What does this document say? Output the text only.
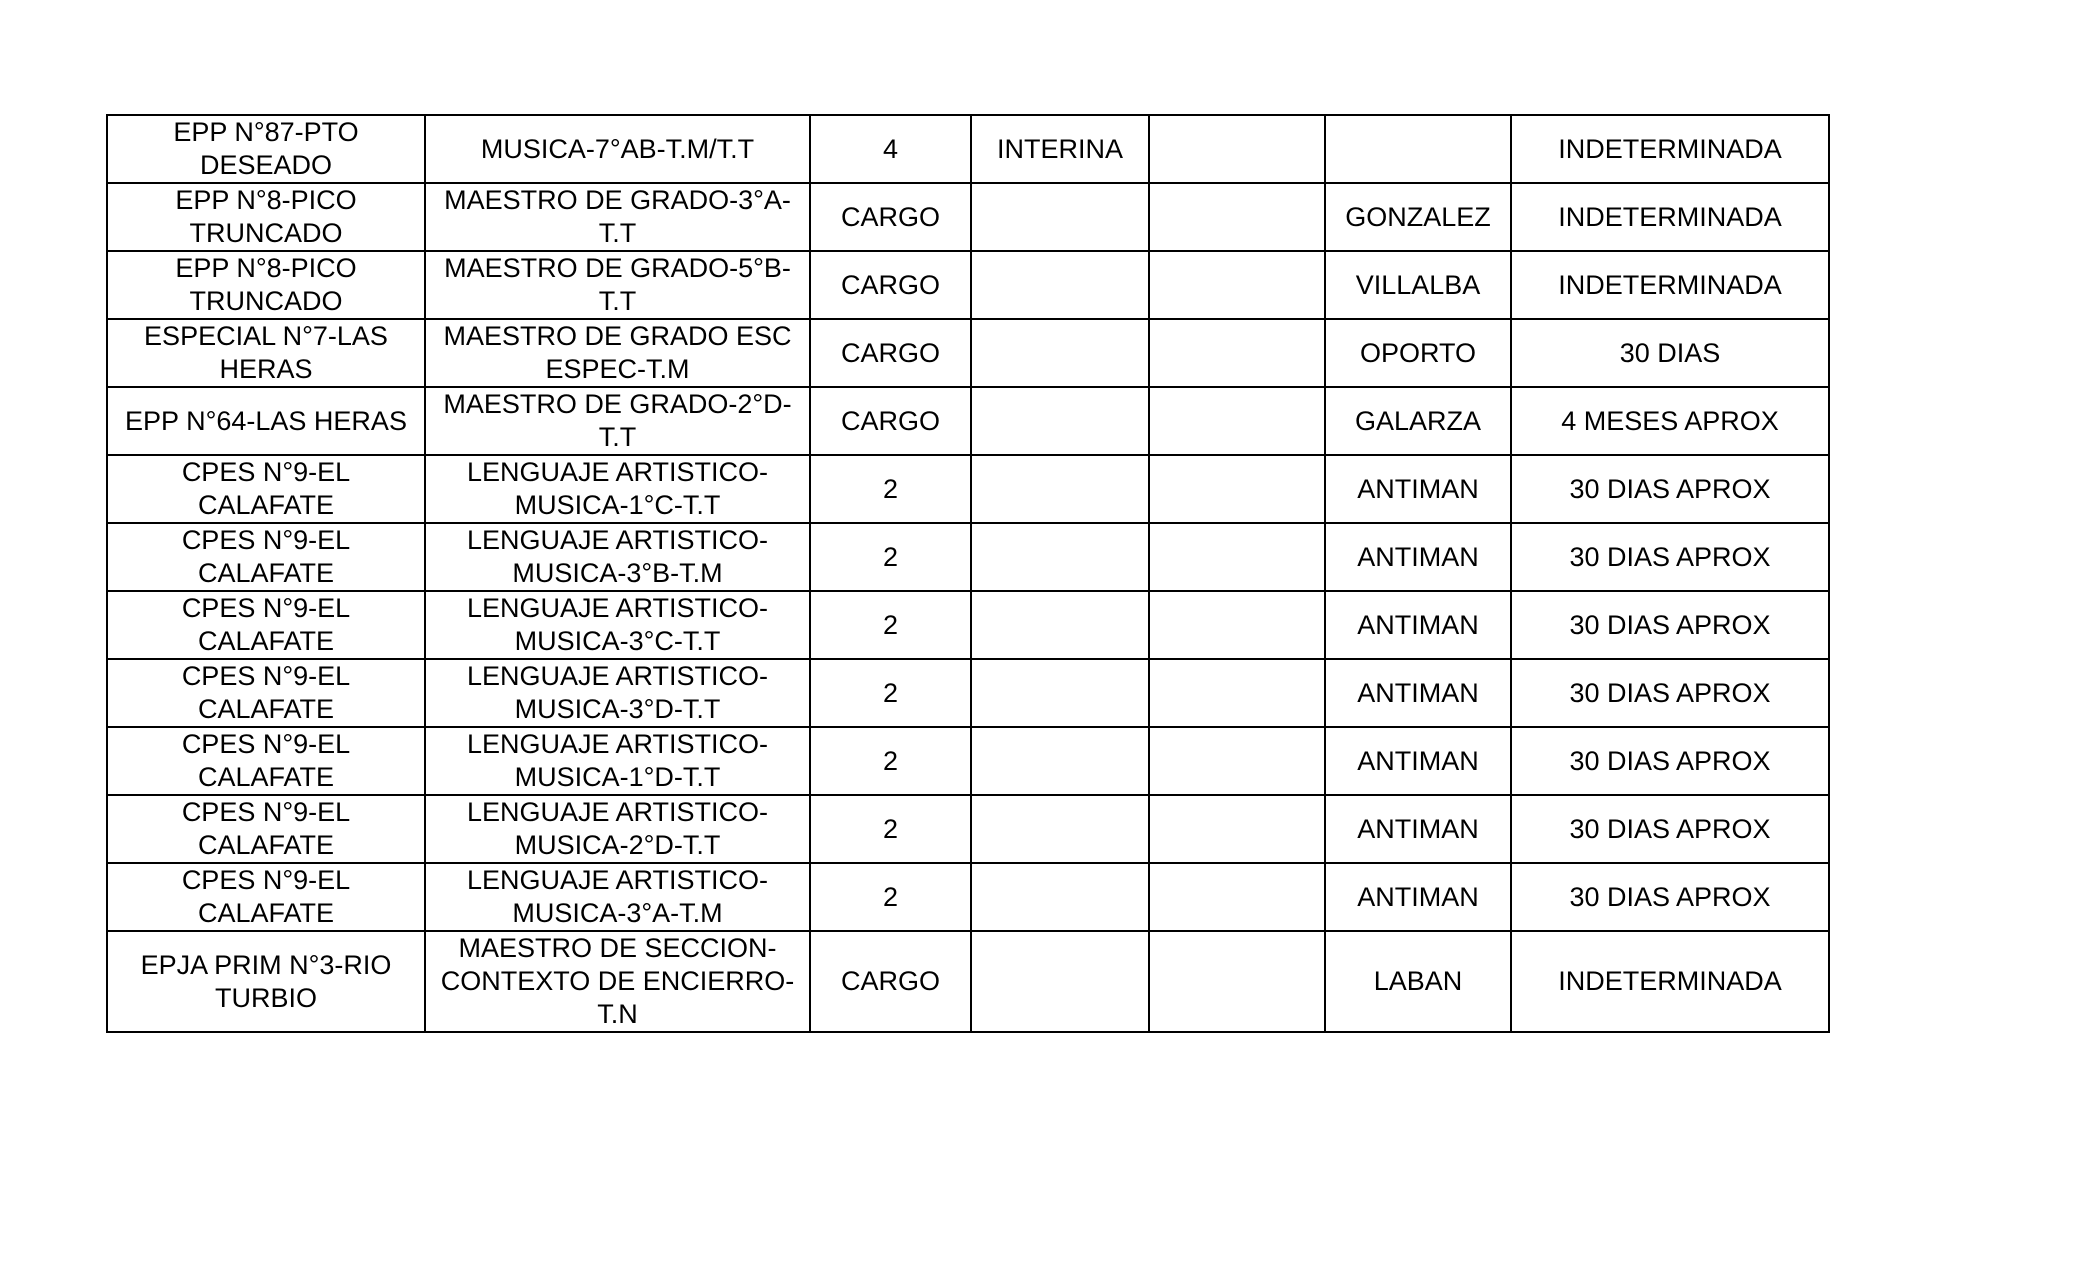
EPP N°87-PTO DESEADO	MUSICA-7°AB-T.M/T.T	4	INTERINA			INDETERMINADA
EPP N°8-PICO TRUNCADO	MAESTRO DE GRADO-3°A-T.T	CARGO			GONZALEZ	INDETERMINADA
EPP N°8-PICO TRUNCADO	MAESTRO DE GRADO-5°B-T.T	CARGO			VILLALBA	INDETERMINADA
ESPECIAL N°7-LAS HERAS	MAESTRO DE GRADO ESC ESPEC-T.M	CARGO			OPORTO	30 DIAS
EPP N°64-LAS HERAS	MAESTRO DE GRADO-2°D-T.T	CARGO			GALARZA	4 MESES APROX
CPES N°9-EL CALAFATE	LENGUAJE ARTISTICO-MUSICA-1°C-T.T	2			ANTIMAN	30 DIAS APROX
CPES N°9-EL CALAFATE	LENGUAJE ARTISTICO-MUSICA-3°B-T.M	2			ANTIMAN	30 DIAS APROX
CPES N°9-EL CALAFATE	LENGUAJE ARTISTICO-MUSICA-3°C-T.T	2			ANTIMAN	30 DIAS APROX
CPES N°9-EL CALAFATE	LENGUAJE ARTISTICO-MUSICA-3°D-T.T	2			ANTIMAN	30 DIAS APROX
CPES N°9-EL CALAFATE	LENGUAJE ARTISTICO-MUSICA-1°D-T.T	2			ANTIMAN	30 DIAS APROX
CPES N°9-EL CALAFATE	LENGUAJE ARTISTICO-MUSICA-2°D-T.T	2			ANTIMAN	30 DIAS APROX
CPES N°9-EL CALAFATE	LENGUAJE ARTISTICO-MUSICA-3°A-T.M	2			ANTIMAN	30 DIAS APROX
EPJA PRIM N°3-RIO TURBIO	MAESTRO DE SECCION-CONTEXTO DE ENCIERRO-T.N	CARGO			LABAN	INDETERMINADA
